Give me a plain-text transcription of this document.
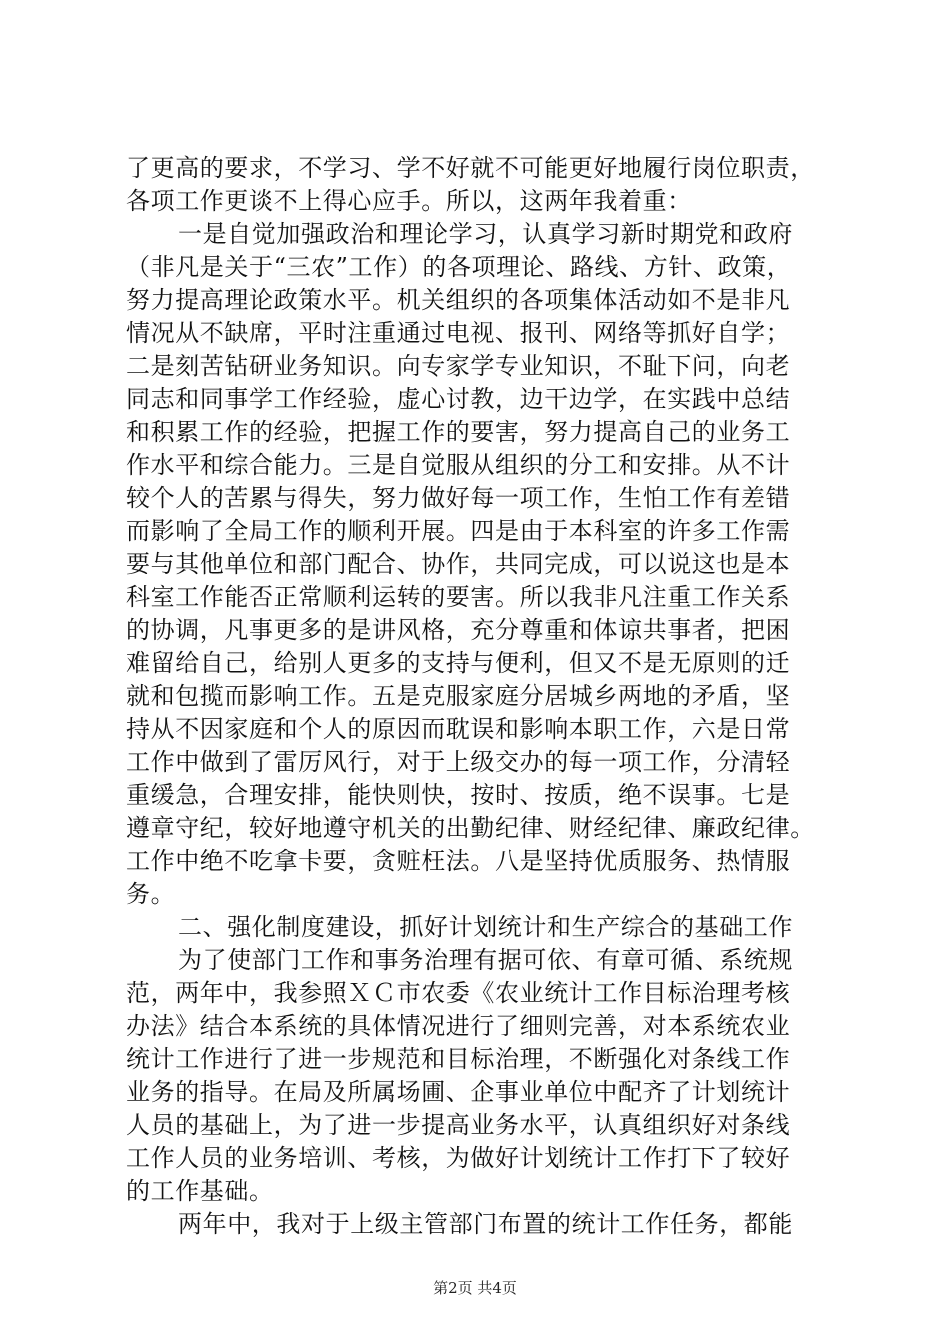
了更高的要求，不学习、学不好就不可能更好地履行岗位职责，
各项工作更谈不上得心应手。所以，这两年我着重：
一是自觉加强政治和理论学习，认真学习新时期党和政府
（非凡是关于“三农”工作）的各项理论、路线、方针、政策，
努力提高理论政策水平。机关组织的各项集体活动如不是非凡
情况从不缺席，平时注重通过电视、报刊、网络等抓好自学；
二是刻苦钻研业务知识。向专家学专业知识，不耻下问，向老
同志和同事学工作经验，虚心讨教，边干边学，在实践中总结
和积累工作的经验，把握工作的要害，努力提高自己的业务工
作水平和综合能力。三是自觉服从组织的分工和安排。从不计
较个人的苦累与得失，努力做好每一项工作，生怕工作有差错
而影响了全局工作的顺利开展。四是由于本科室的许多工作需
要与其他单位和部门配合、协作，共同完成，可以说这也是本
科室工作能否正常顺利运转的要害。所以我非凡注重工作关系
的协调，凡事更多的是讲风格，充分尊重和体谅共事者，把困
难留给自己，给别人更多的支持与便利，但又不是无原则的迁
就和包揽而影响工作。五是克服家庭分居城乡两地的矛盾，坚
持从不因家庭和个人的原因而耽误和影响本职工作，六是日常
工作中做到了雷厉风行，对于上级交办的每一项工作，分清轻
重缓急，合理安排，能快则快，按时、按质，绝不误事。七是
遵章守纪，较好地遵守机关的出勤纪律、财经纪律、廉政纪律。
工作中绝不吃拿卡要，贪赃枉法。八是坚持优质服务、热情服
务。
二、强化制度建设，抓好计划统计和生产综合的基础工作
为了使部门工作和事务治理有据可依、有章可循、系统规
范，两年中，我参照ＸＣ市农委《农业统计工作目标治理考核
办法》结合本系统的具体情况进行了细则完善，对本系统农业
统计工作进行了进一步规范和目标治理，不断强化对条线工作
业务的指导。在局及所属场圃、企事业单位中配齐了计划统计
人员的基础上，为了进一步提高业务水平，认真组织好对条线
工作人员的业务培训、考核，为做好计划统计工作打下了较好
的工作基础。
两年中，我对于上级主管部门布置的统计工作任务，都能
第2页 共4页
